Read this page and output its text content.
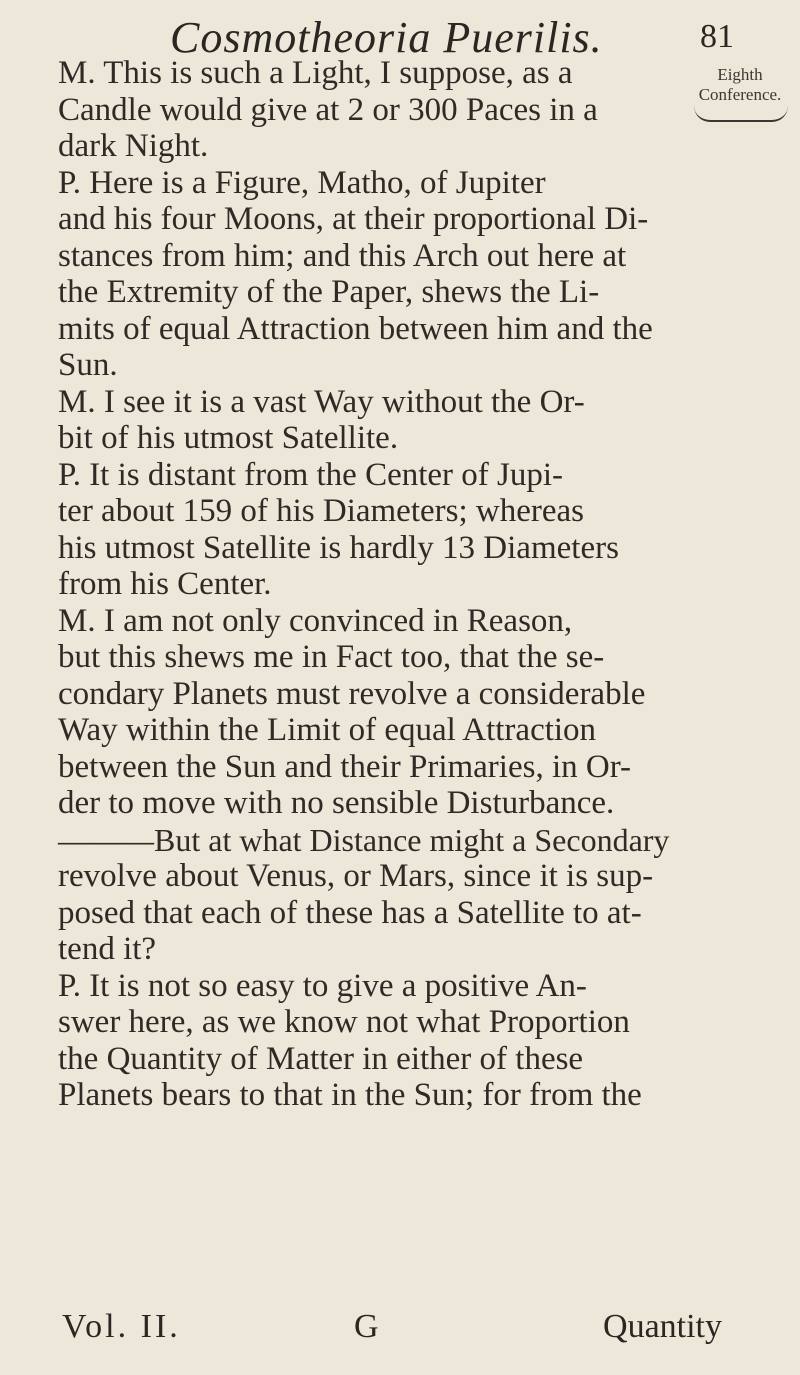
Cosmotheoria Puerilis.	81
Eighth
Conference.
M. This is such a Light, I suppose, as a
Candle would give at 2 or 300 Paces in a
dark Night.
P. Here is a Figure, Matho, of Jupiter
and his four Moons, at their proportional Di-
stances from him; and this Arch out here at
the Extremity of the Paper, shews the Li-
mits of equal Attraction between him and the
Sun.
M. I see it is a vast Way without the Or-
bit of his utmost Satellite.
P. It is distant from the Center of Jupi-
ter about 159 of his Diameters; whereas
his utmost Satellite is hardly 13 Diameters
from his Center.
M. I am not only convinced in Reason,
but this shews me in Fact too, that the se-
condary Planets must revolve a considerable
Way within the Limit of equal Attraction
between the Sun and their Primaries, in Or-
der to move with no sensible Disturbance.
———But at what Distance might a Secondary
revolve about Venus, or Mars, since it is sup-
posed that each of these has a Satellite to at-
tend it?
P. It is not so easy to give a positive An-
swer here, as we know not what Proportion
the Quantity of Matter in either of these
Planets bears to that in the Sun; for from the
Vol. II.	G	Quantity
